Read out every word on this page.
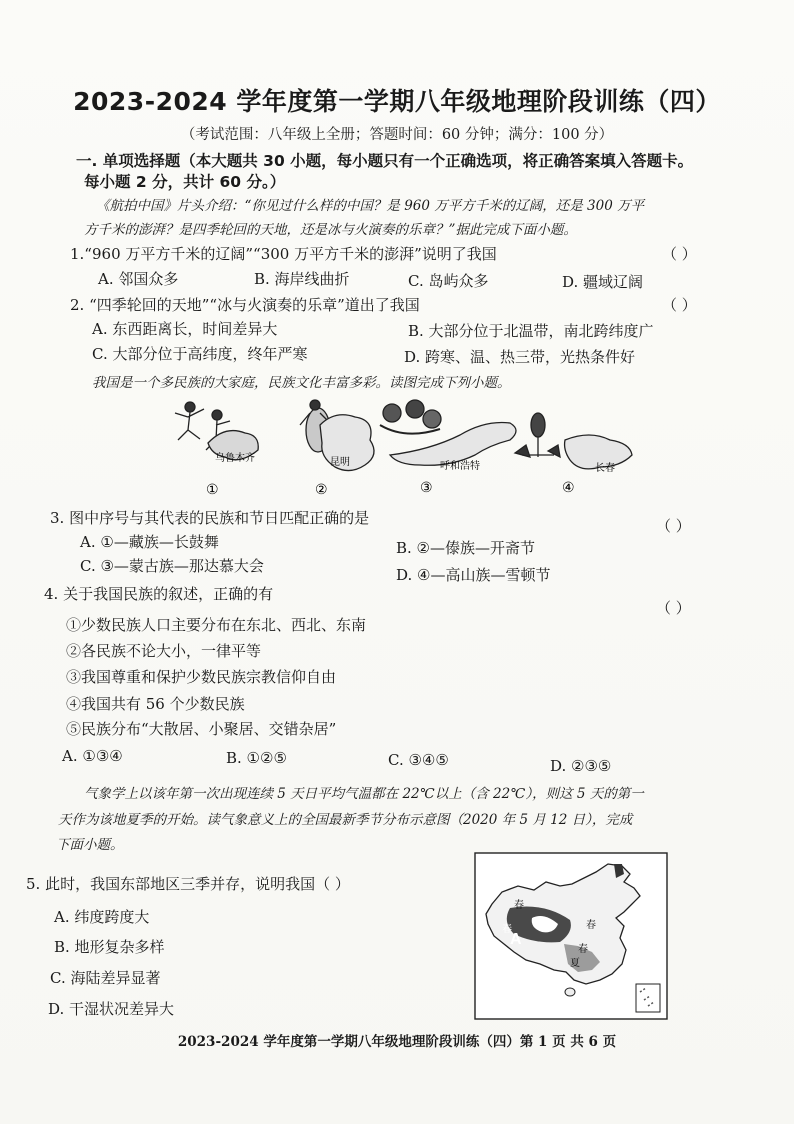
2023-2024 学年度第一学期八年级地理阶段训练（四）
（考试范围：八年级上全册；答题时间：60 分钟；满分：100 分）
一. 单项选择题（本大题共 30 小题，每小题只有一个正确选项，将正确答案填入答题卡。
每小题 2 分，共计 60 分。）
《航拍中国》片头介绍：“你见过什么样的中国？是 960 万平方千米的辽阔，还是 300 万平
方千米的澎湃？是四季轮回的天地，还是冰与火演奏的乐章？”据此完成下面小题。
1.“960 万平方千米的辽阔”“300 万平方千米的澎湃”说明了我国	（ ）
A. 邻国众多	B. 海岸线曲折	C. 岛屿众多	D. 疆域辽阔
2. “四季轮回的天地”“冰与火演奏的乐章”道出了我国	（ ）
A. 东西距离长，时间差异大	B. 大部分位于北温带，南北跨纬度广
C. 大部分位于高纬度，终年严寒	D. 跨寒、温、热三带，光热条件好
我国是一个多民族的大家庭，民族文化丰富多彩。读图完成下列小题。
乌鲁木齐	昆明	呼和浩特	长春
①	②	③	④
3. 图中序号与其代表的民族和节日匹配正确的是	（ ）
A. ①—藏族—长鼓舞	B. ②—傣族—开斋节
C. ③—蒙古族—那达慕大会	D. ④—高山族—雪顿节
4. 关于我国民族的叙述，正确的有
（ ）
①少数民族人口主要分布在东北、西北、东南
②各民族不论大小，一律平等
③我国尊重和保护少数民族宗教信仰自由
④我国共有 56 个少数民族
⑤民族分布“大散居、小聚居、交错杂居”
A. ①③④	B. ①②⑤	C. ③④⑤	D. ②③⑤
气象学上以该年第一次出现连续 5 天日平均气温都在 22℃以上（含 22℃），则这 5 天的第一
天作为该地夏季的开始。读气象意义上的全国最新季节分布示意图（2020 年 5 月 12 日），完成
下面小题。
5. 此时，我国东部地区三季并存，说明我国（ ）
A. 纬度跨度大
B. 地形复杂多样
C. 海陆差异显著
D. 干湿状况差异大
春
春	春
A
春
夏
2023-2024 学年度第一学期八年级地理阶段训练（四）第 1 页 共 6 页
